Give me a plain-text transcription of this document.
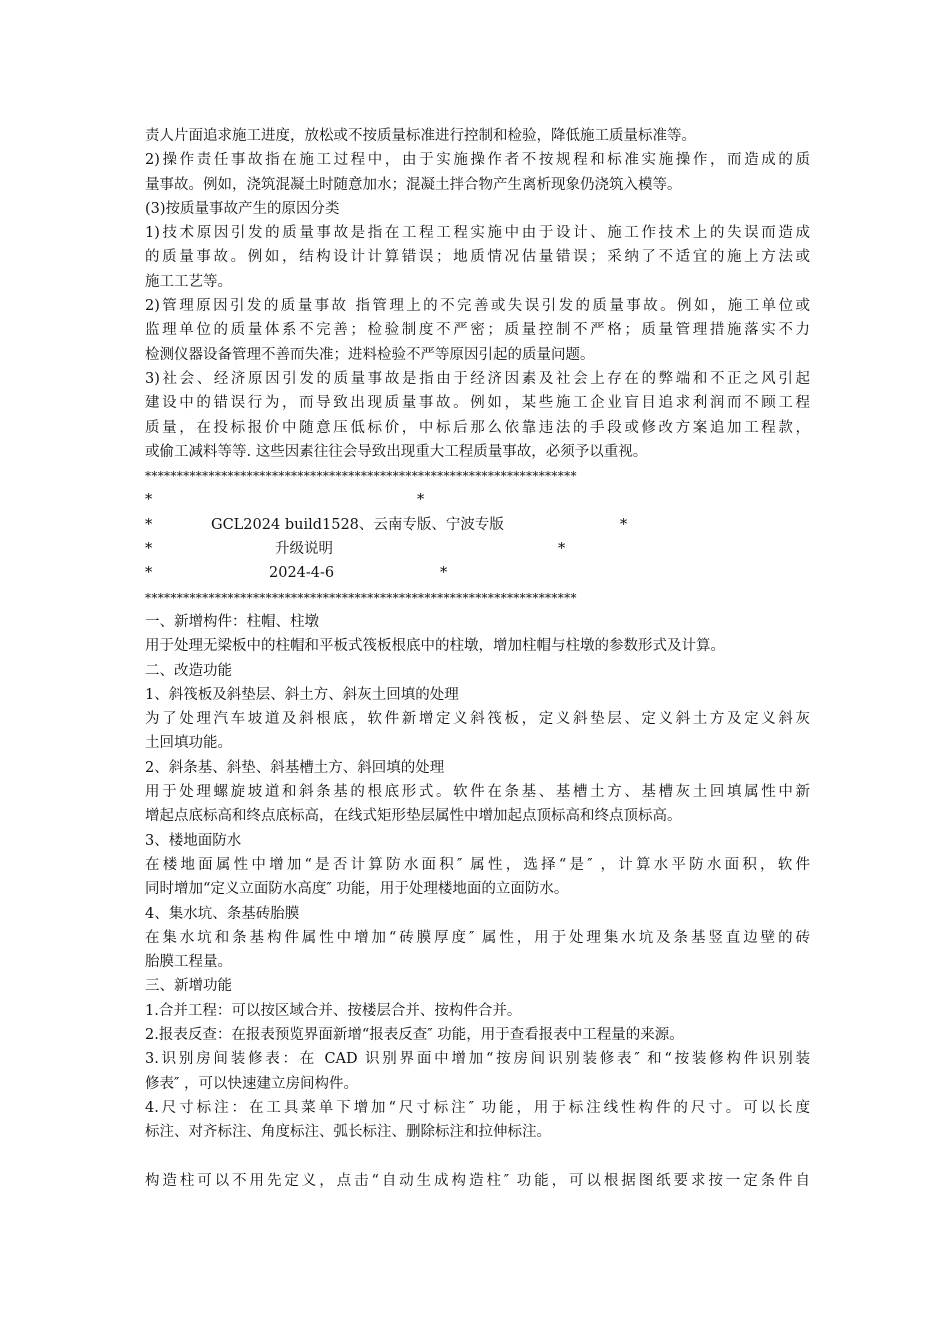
责人片面追求施工进度，放松或不按质量标准进行控制和检验，降低施工质量标准等。
2)操作责任事故指在施工过程中，由于实施操作者不按规程和标准实施操作，而造成的质
量事故。例如，浇筑混凝土时随意加水；混凝土拌合物产生离析现象仍浇筑入模等。
(3)按质量事故产生的原因分类
1)技术原因引发的质量事故是指在工程工程实施中由于设计、施工作技术上的失误而造成
的质量事故。例如，结构设计计算错误；地质情况估量错误；采纳了不适宜的施上方法或
施工工艺等。
2)管理原因引发的质量事故 指管理上的不完善或失误引发的质量事故。例如，施工单位或
监理单位的质量体系不完善；检验制度不严密；质量控制不严格；质量管理措施落实不力
检测仪器设备管理不善而失准；进料检验不严等原因引起的质量问题。
3)社会、经济原因引发的质量事故是指由于经济因素及社会上存在的弊端和不正之风引起
建设中的错误行为，而导致出现质量事故。例如，某些施工企业盲目追求利润而不顾工程
质量，在投标报价中随意压低标价，中标后那么依靠违法的手段或修改方案追加工程款，
或偷工减料等等. 这些因素往往会导致出现重大工程质量事故，必须予以重视。
********************************************************************
*	*
*	GCL2024 build1528、云南专版、宁波专版	*
*	升级说明	*
*	2024-4-6	*
********************************************************************
一、新增构件：柱帽、柱墩
用于处理无梁板中的柱帽和平板式筏板根底中的柱墩，增加柱帽与柱墩的参数形式及计算。
二、改造功能
1、斜筏板及斜垫层、斜土方、斜灰土回填的处理
为了处理汽车坡道及斜根底，软件新增定义斜筏板，定义斜垫层、定义斜土方及定义斜灰
土回填功能。
2、斜条基、斜垫、斜基槽土方、斜回填的处理
用于处理螺旋坡道和斜条基的根底形式。软件在条基、基槽土方、基槽灰土回填属性中新
增起点底标高和终点底标高，在线式矩形垫层属性中增加起点顶标高和终点顶标高。
3、楼地面防水
在楼地面属性中增加“是否计算防水面积″ 属性，选择“是″ ，计算水平防水面积，软件
同时增加“定义立面防水高度″ 功能，用于处理楼地面的立面防水。
4、集水坑、条基砖胎膜
在集水坑和条基构件属性中增加“砖膜厚度″ 属性，用于处理集水坑及条基竖直边壁的砖
胎膜工程量。
三、新增功能
1.合并工程：可以按区域合并、按楼层合并、按构件合并。
2.报表反查：在报表预览界面新增“报表反查″ 功能，用于查看报表中工程量的来源。
3.识别房间装修表：在 CAD 识别界面中增加“按房间识别装修表″ 和“按装修构件识别装
修表″ ，可以快速建立房间构件。
4.尺寸标注：在工具菜单下增加“尺寸标注″ 功能，用于标注线性构件的尺寸。可以长度
标注、对齐标注、角度标注、弧长标注、删除标注和拉伸标注。
构造柱可以不用先定义，点击“自动生成构造柱″ 功能，可以根据图纸要求按一定条件自
